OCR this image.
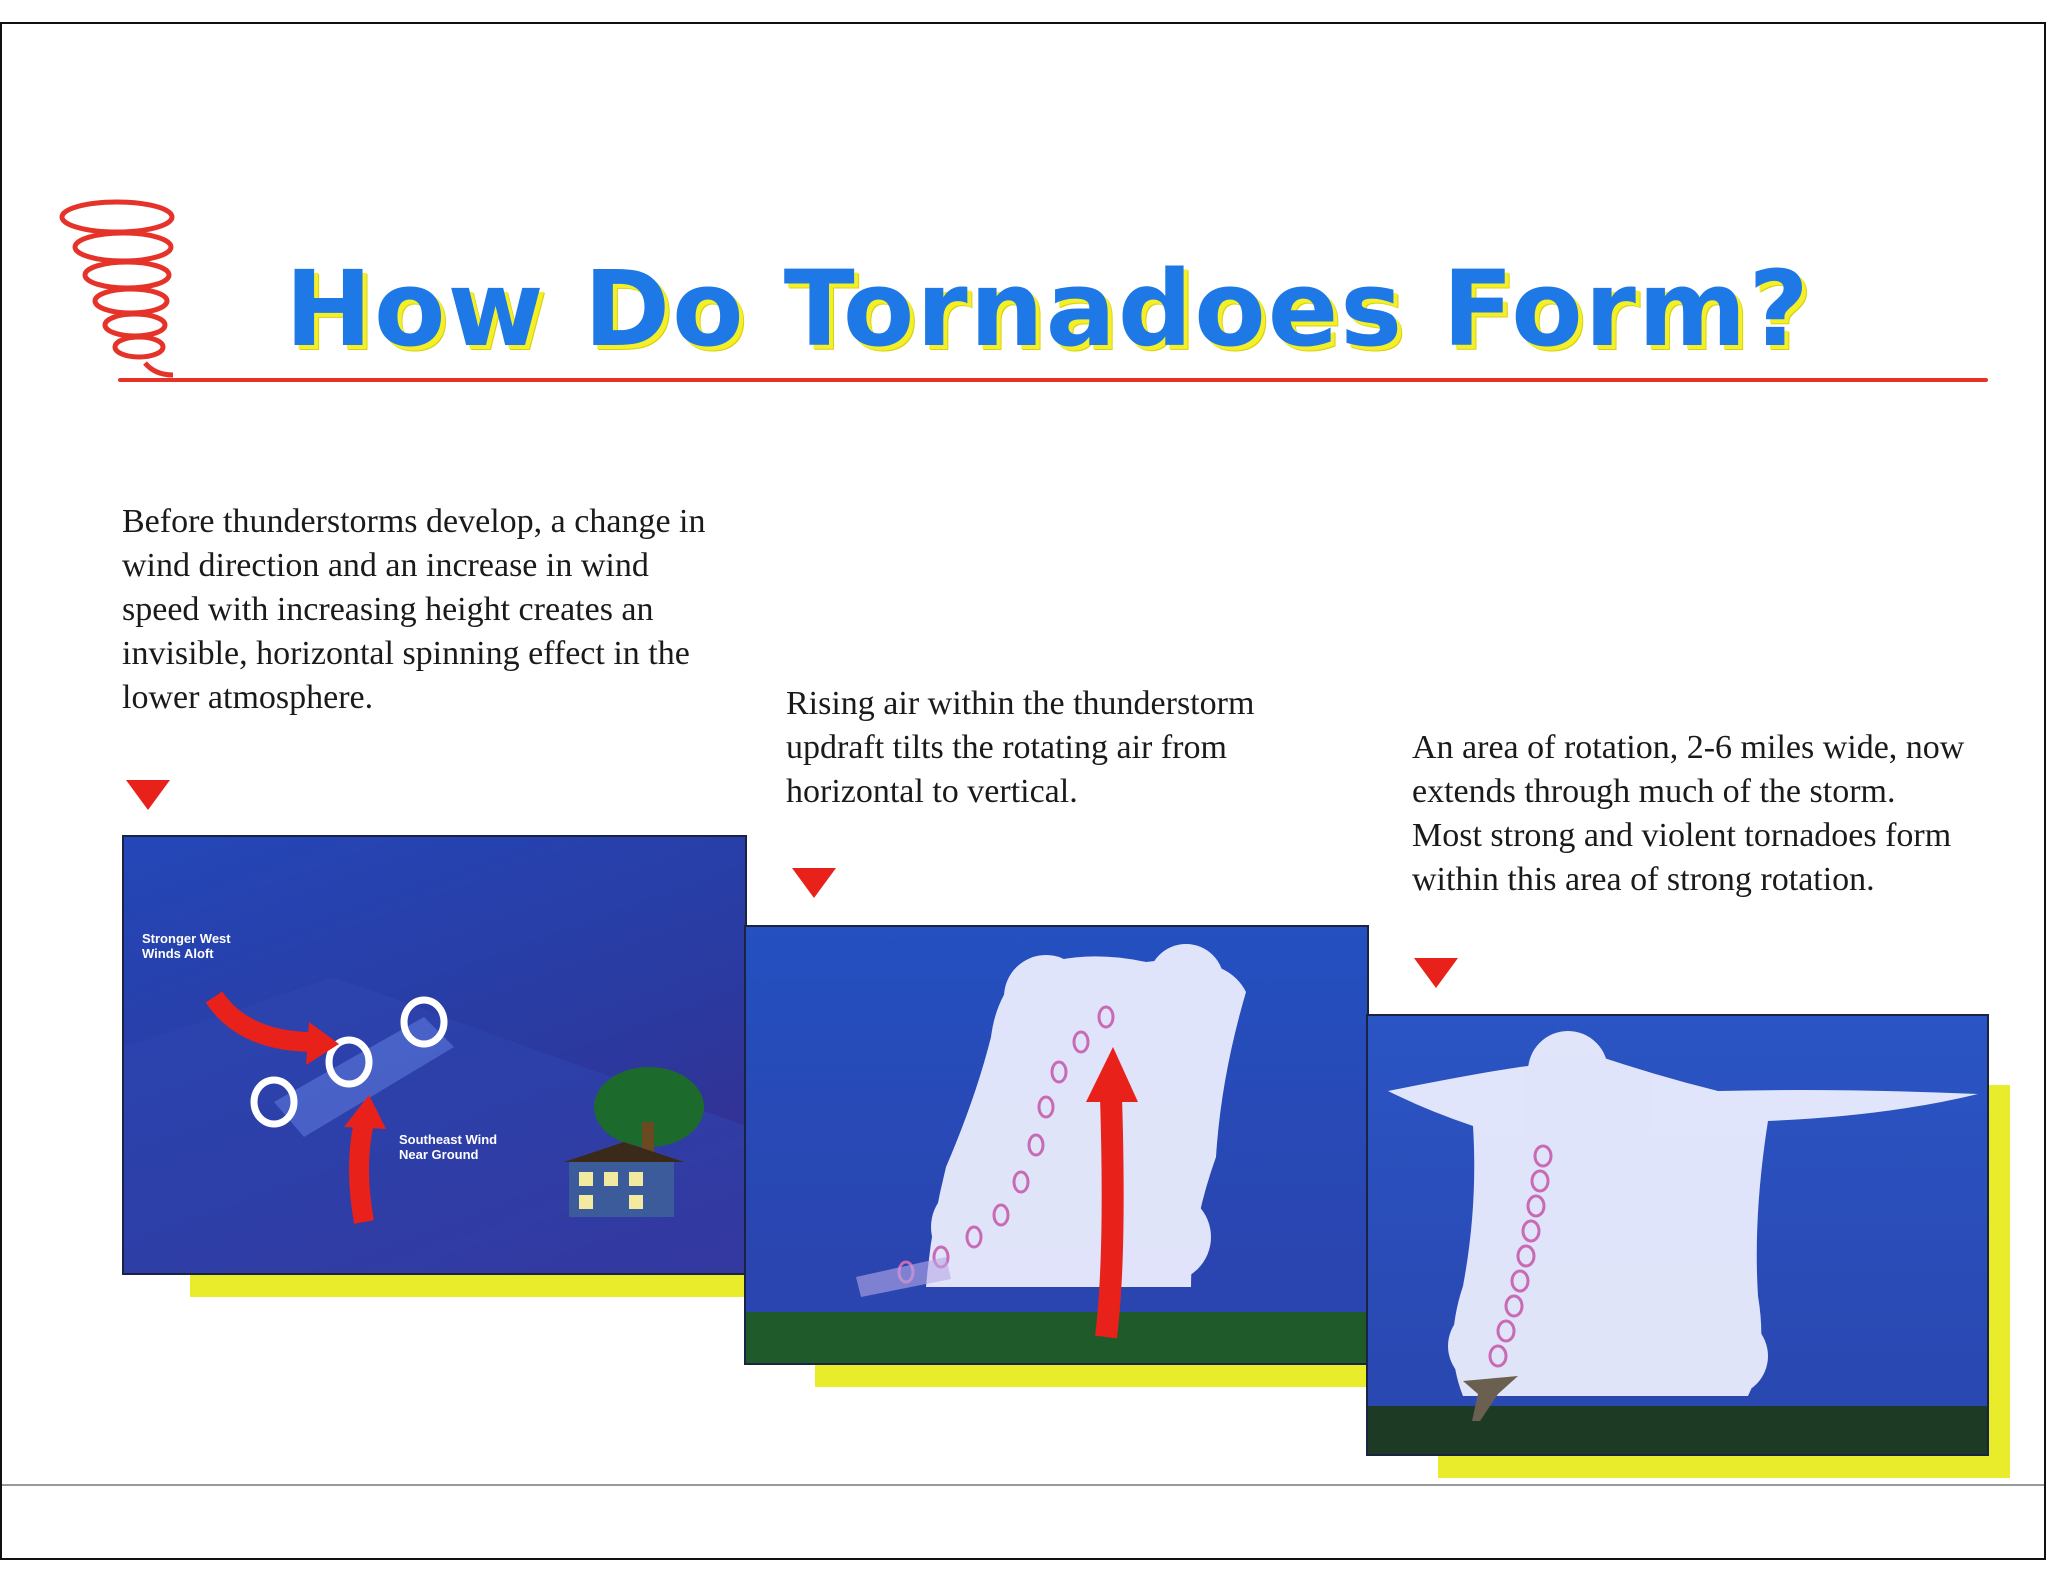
How Do Tornadoes Form?

Before thunderstorms develop, a change in wind direction and an increase in wind speed with increasing height creates an invisible, horizontal spinning effect in the lower atmosphere.

Stronger West Winds Aloft
Southeast Wind Near Ground

Rising air within the thunderstorm updraft tilts the rotating air from horizontal to vertical.

An area of rotation, 2-6 miles wide, now extends through much of the storm. Most strong and violent tornadoes form within this area of strong rotation.
